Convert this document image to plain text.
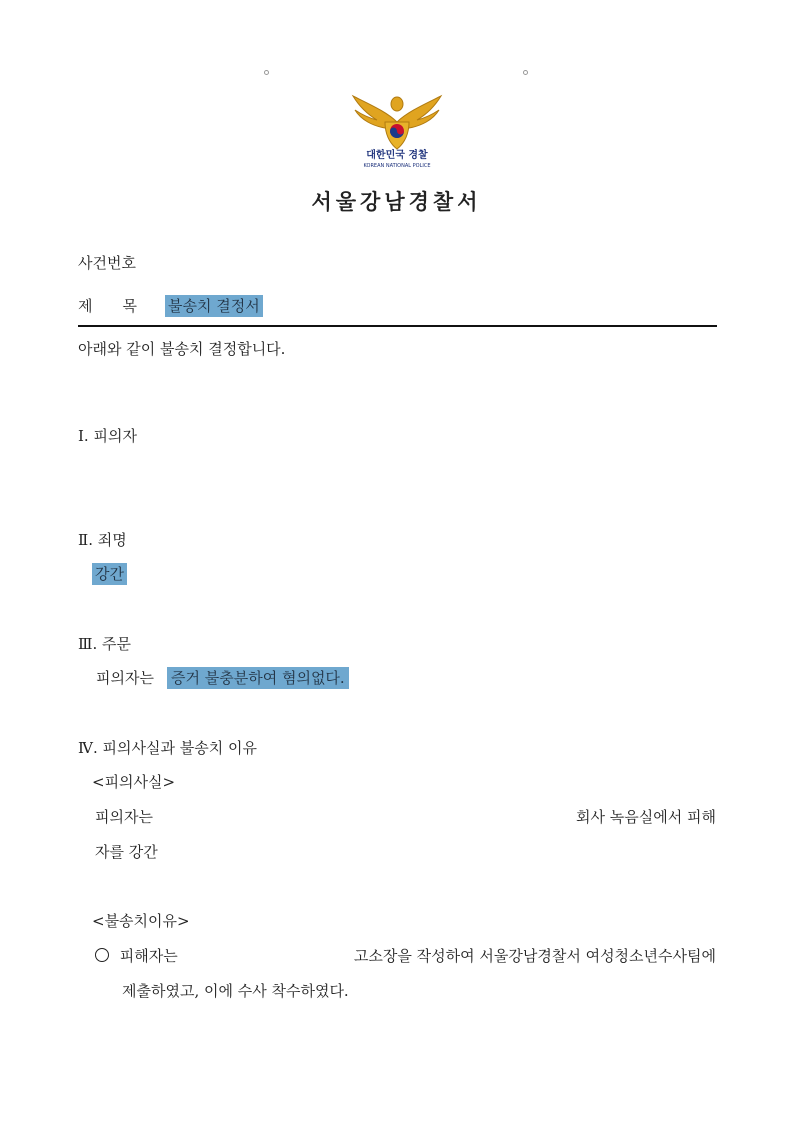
대한민국 경찰
KOREAN NATIONAL POLICE
서울강남경찰서
사건번호
제　　목 불송치 결정서
아래와 같이 불송치 결정합니다.
Ⅰ. 피의자
Ⅱ. 죄명
강간
Ⅲ. 주문
피의자는 증거 불충분하여 혐의없다.
Ⅳ. 피의사실과 불송치 이유
<피의사실>
피의자는	회사 녹음실에서 피해
자를 강간
<불송치이유>
피해자는	고소장을 작성하여 서울강남경찰서 여성청소년수사팀에
제출하였고, 이에 수사 착수하였다.
